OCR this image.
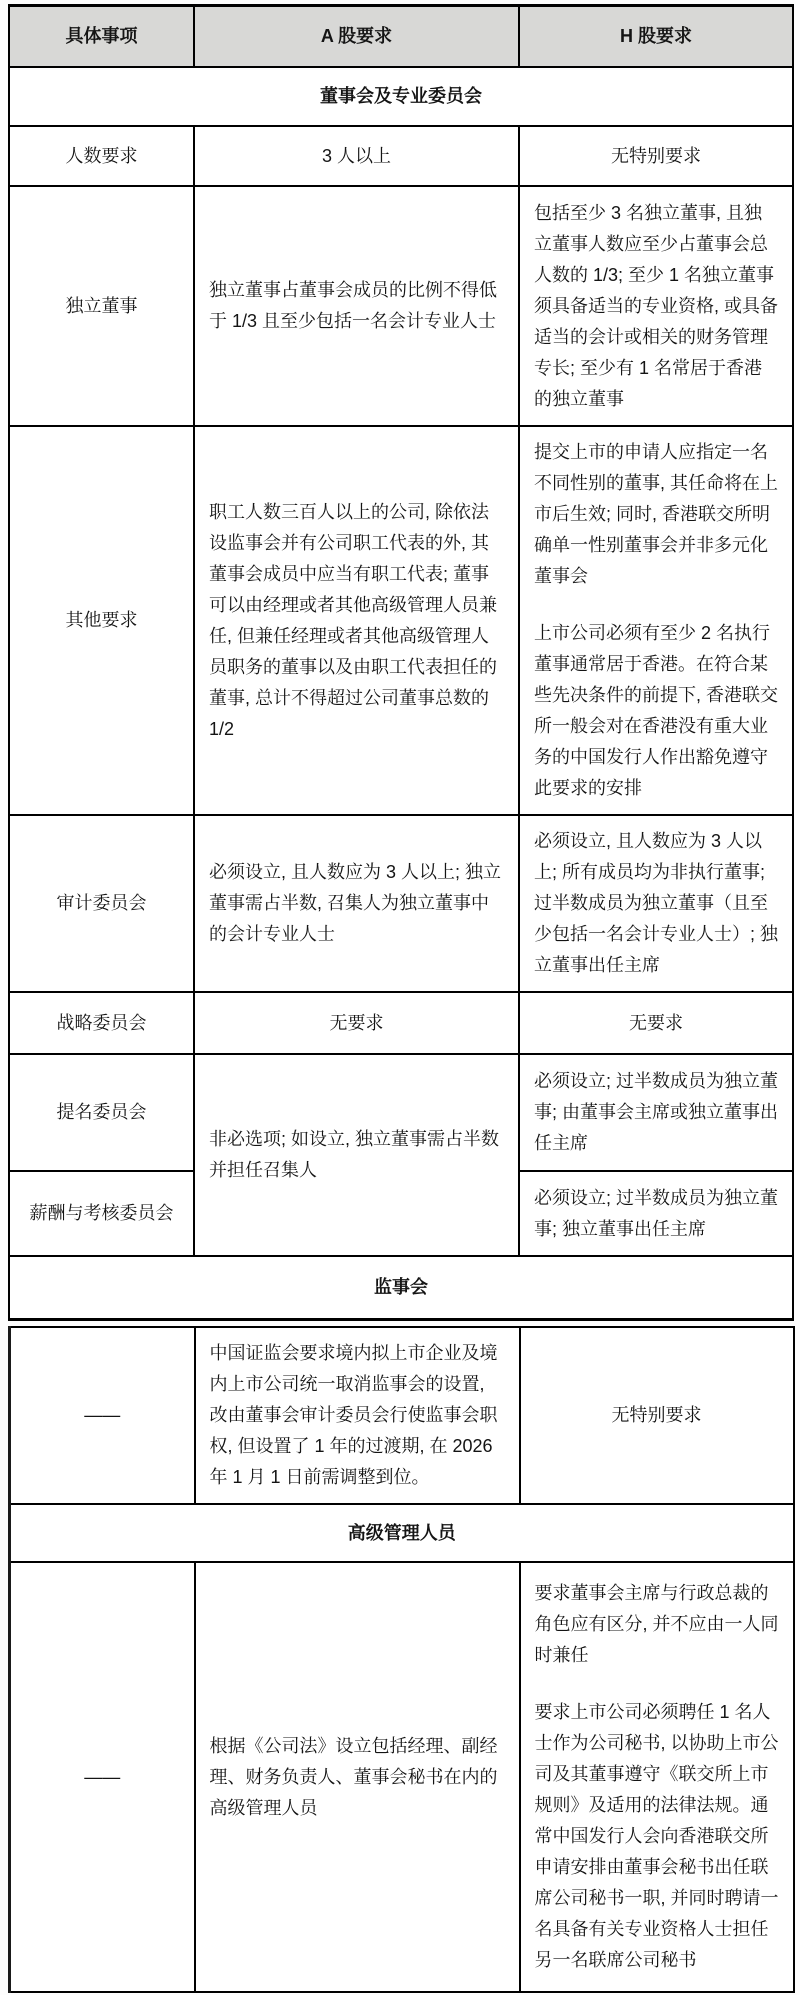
具体事项	A 股要求	H 股要求
董事会及专业委员会		
人数要求	3 人以上	无特别要求
独立董事	独立董事占董事会成员的比例不得低于 1/3 且至少包括一名会计专业人士	包括至少 3 名独立董事, 且独立董事人数应至少占董事会总人数的 1/3; 至少 1 名独立董事须具备适当的专业资格, 或具备适当的会计或相关的财务管理专长; 至少有 1 名常居于香港的独立董事
其他要求	职工人数三百人以上的公司, 除依法设监事会并有公司职工代表的外, 其董事会成员中应当有职工代表; 董事可以由经理或者其他高级管理人员兼任, 但兼任经理或者其他高级管理人员职务的董事以及由职工代表担任的董事, 总计不得超过公司董事总数的 1/2	提交上市的申请人应指定一名不同性别的董事, 其任命将在上市后生效; 同时, 香港联交所明确单一性别董事会并非多元化董事会

上市公司必须有至少 2 名执行董事通常居于香港。在符合某些先决条件的前提下, 香港联交所一般会对在香港没有重大业务的中国发行人作出豁免遵守此要求的安排

审计委员会	必须设立, 且人数应为 3 人以上; 独立董事需占半数, 召集人为独立董事中的会计专业人士	必须设立, 且人数应为 3 人以上; 所有成员均为非执行董事; 过半数成员为独立董事（且至少包括一名会计专业人士）; 独立董事出任主席
战略委员会	无要求	无要求
提名委员会	非必选项; 如设立, 独立董事需占半数并担任召集人	必须设立; 过半数成员为独立董事; 由董事会主席或独立董事出任主席
薪酬与考核委员会		必须设立; 过半数成员为独立董事; 独立董事出任主席
监事会		
——	中国证监会要求境内拟上市企业及境内上市公司统一取消监事会的设置, 改由董事会审计委员会行使监事会职权, 但设置了 1 年的过渡期, 在 2026 年 1 月 1 日前需调整到位。	无特别要求
高级管理人员		
——	根据《公司法》设立包括经理、副经理、财务负责人、董事会秘书在内的高级管理人员	要求董事会主席与行政总裁的角色应有区分, 并不应由一人同时兼任

要求上市公司必须聘任 1 名人士作为公司秘书, 以协助上市公司及其董事遵守《联交所上市规则》及适用的法律法规。通常中国发行人会向香港联交所申请安排由董事会秘书出任联席公司秘书一职, 并同时聘请一名具备有关专业资格人士担任另一名联席公司秘书
